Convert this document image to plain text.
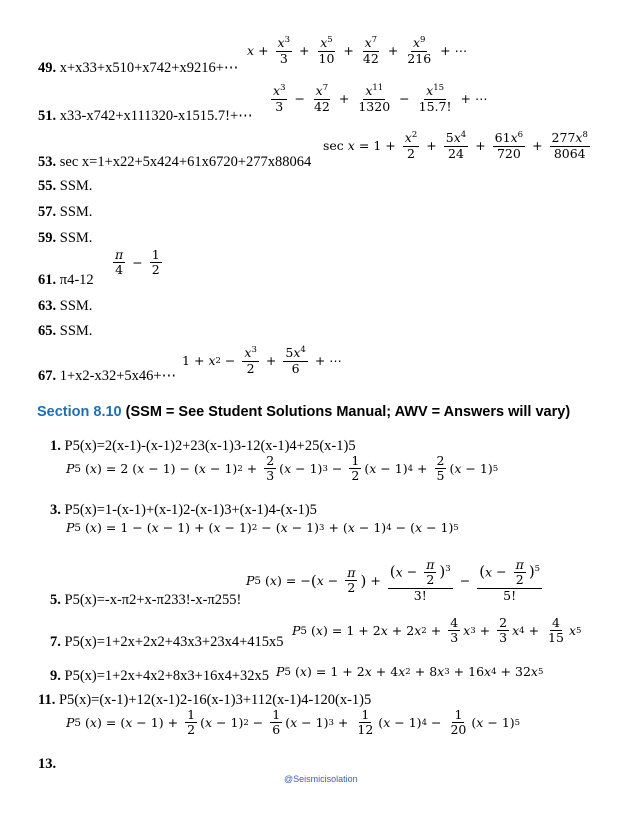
49. x+x33+x510+x742+x9216+⋯
51. x33-x742+x111320-x1515.7!+⋯
53. sec x=1+x22+5x424+61x6720+277x88064
55. SSM.
57. SSM.
59. SSM.
61. π4-12
63. SSM.
65. SSM.
67. 1+x2-x32+5x46+⋯
$x + \frac{x^3}{3} + \frac{x^5}{10} + \frac{x^7}{42} + \frac{x^9}{216}$ + ⋯
$\frac{x^3}{3} - \frac{x^7}{42} + \frac{x^{11}}{1320} - \frac{x^{15}}{15.7!}$ + ⋯
$\sec x = 1 + \frac{x^2}{2} + \frac{5x^4}{24} + \frac{61x^6}{720} + \frac{277x^8}{8064}$
$\frac{\pi}{4} - \frac{1}{2}$
1 + x $2 - \frac{x^3}{2} + \frac{5x^4}{6}$ + ⋯
Section 8.10 (SSM = See Student Solutions Manual; AWV = Answers will vary)
1. P5(x)=2(x-1)-(x-1)2+23(x-1)3-12(x-1)4+25(x-1)5
P 5 ( x ) = 2 ( x − 1) − ( x − 1) $2 + \frac{2}{3}$ ( x − 1) $3 - \frac{1}{2}$ ( x − 1) $4 + \frac{2}{5}$ ( x − 1) 5
3. P5(x)=1-(x-1)+(x-1)2-(x-1)3+(x-1)4-(x-1)5
P 5 ( x ) = 1 − ( x − 1) + ( x − 1) 2 − ( x − 1) 3 + ( x − 1) 4 − ( x − 1) 5
5. P5(x)=-x-π2+x-π233!-x-π255!
P 5 ( x ) = − ( $x - \frac{\pi}{2}$ ) + $\frac{(x - \frac{\pi}{2} )^3}{3!} - \frac{(x - \frac{\pi}{2} )^5}{5!}$
7. P5(x)=1+2x+2x2+43x3+23x4+415x5
P 5 ( x ) = 1 + 2 x + 2 x $2 + \frac{4}{3}$ x $3 + \frac{2}{3}$ x $4 + \frac{4}{15}$ x 5
9. P5(x)=1+2x+4x2+8x3+16x4+32x5 P 5 ( x ) = 1 + 2 x + 4 x 2 + 8 x 3 + 16 x 4 + 32 x 5
11. P5(x)=(x-1)+12(x-1)2-16(x-1)3+112(x-1)4-120(x-1)5
P 5 ( x ) = ( $x - 1) + \frac{1}{2}$ ( x − 1) $2 - \frac{1}{6}$ ( x − 1) $3 + \frac{1}{12}$ ( x − 1) $4 - \frac{1}{20}$ ( x − 1) 5
13.
@Seismicisolation
